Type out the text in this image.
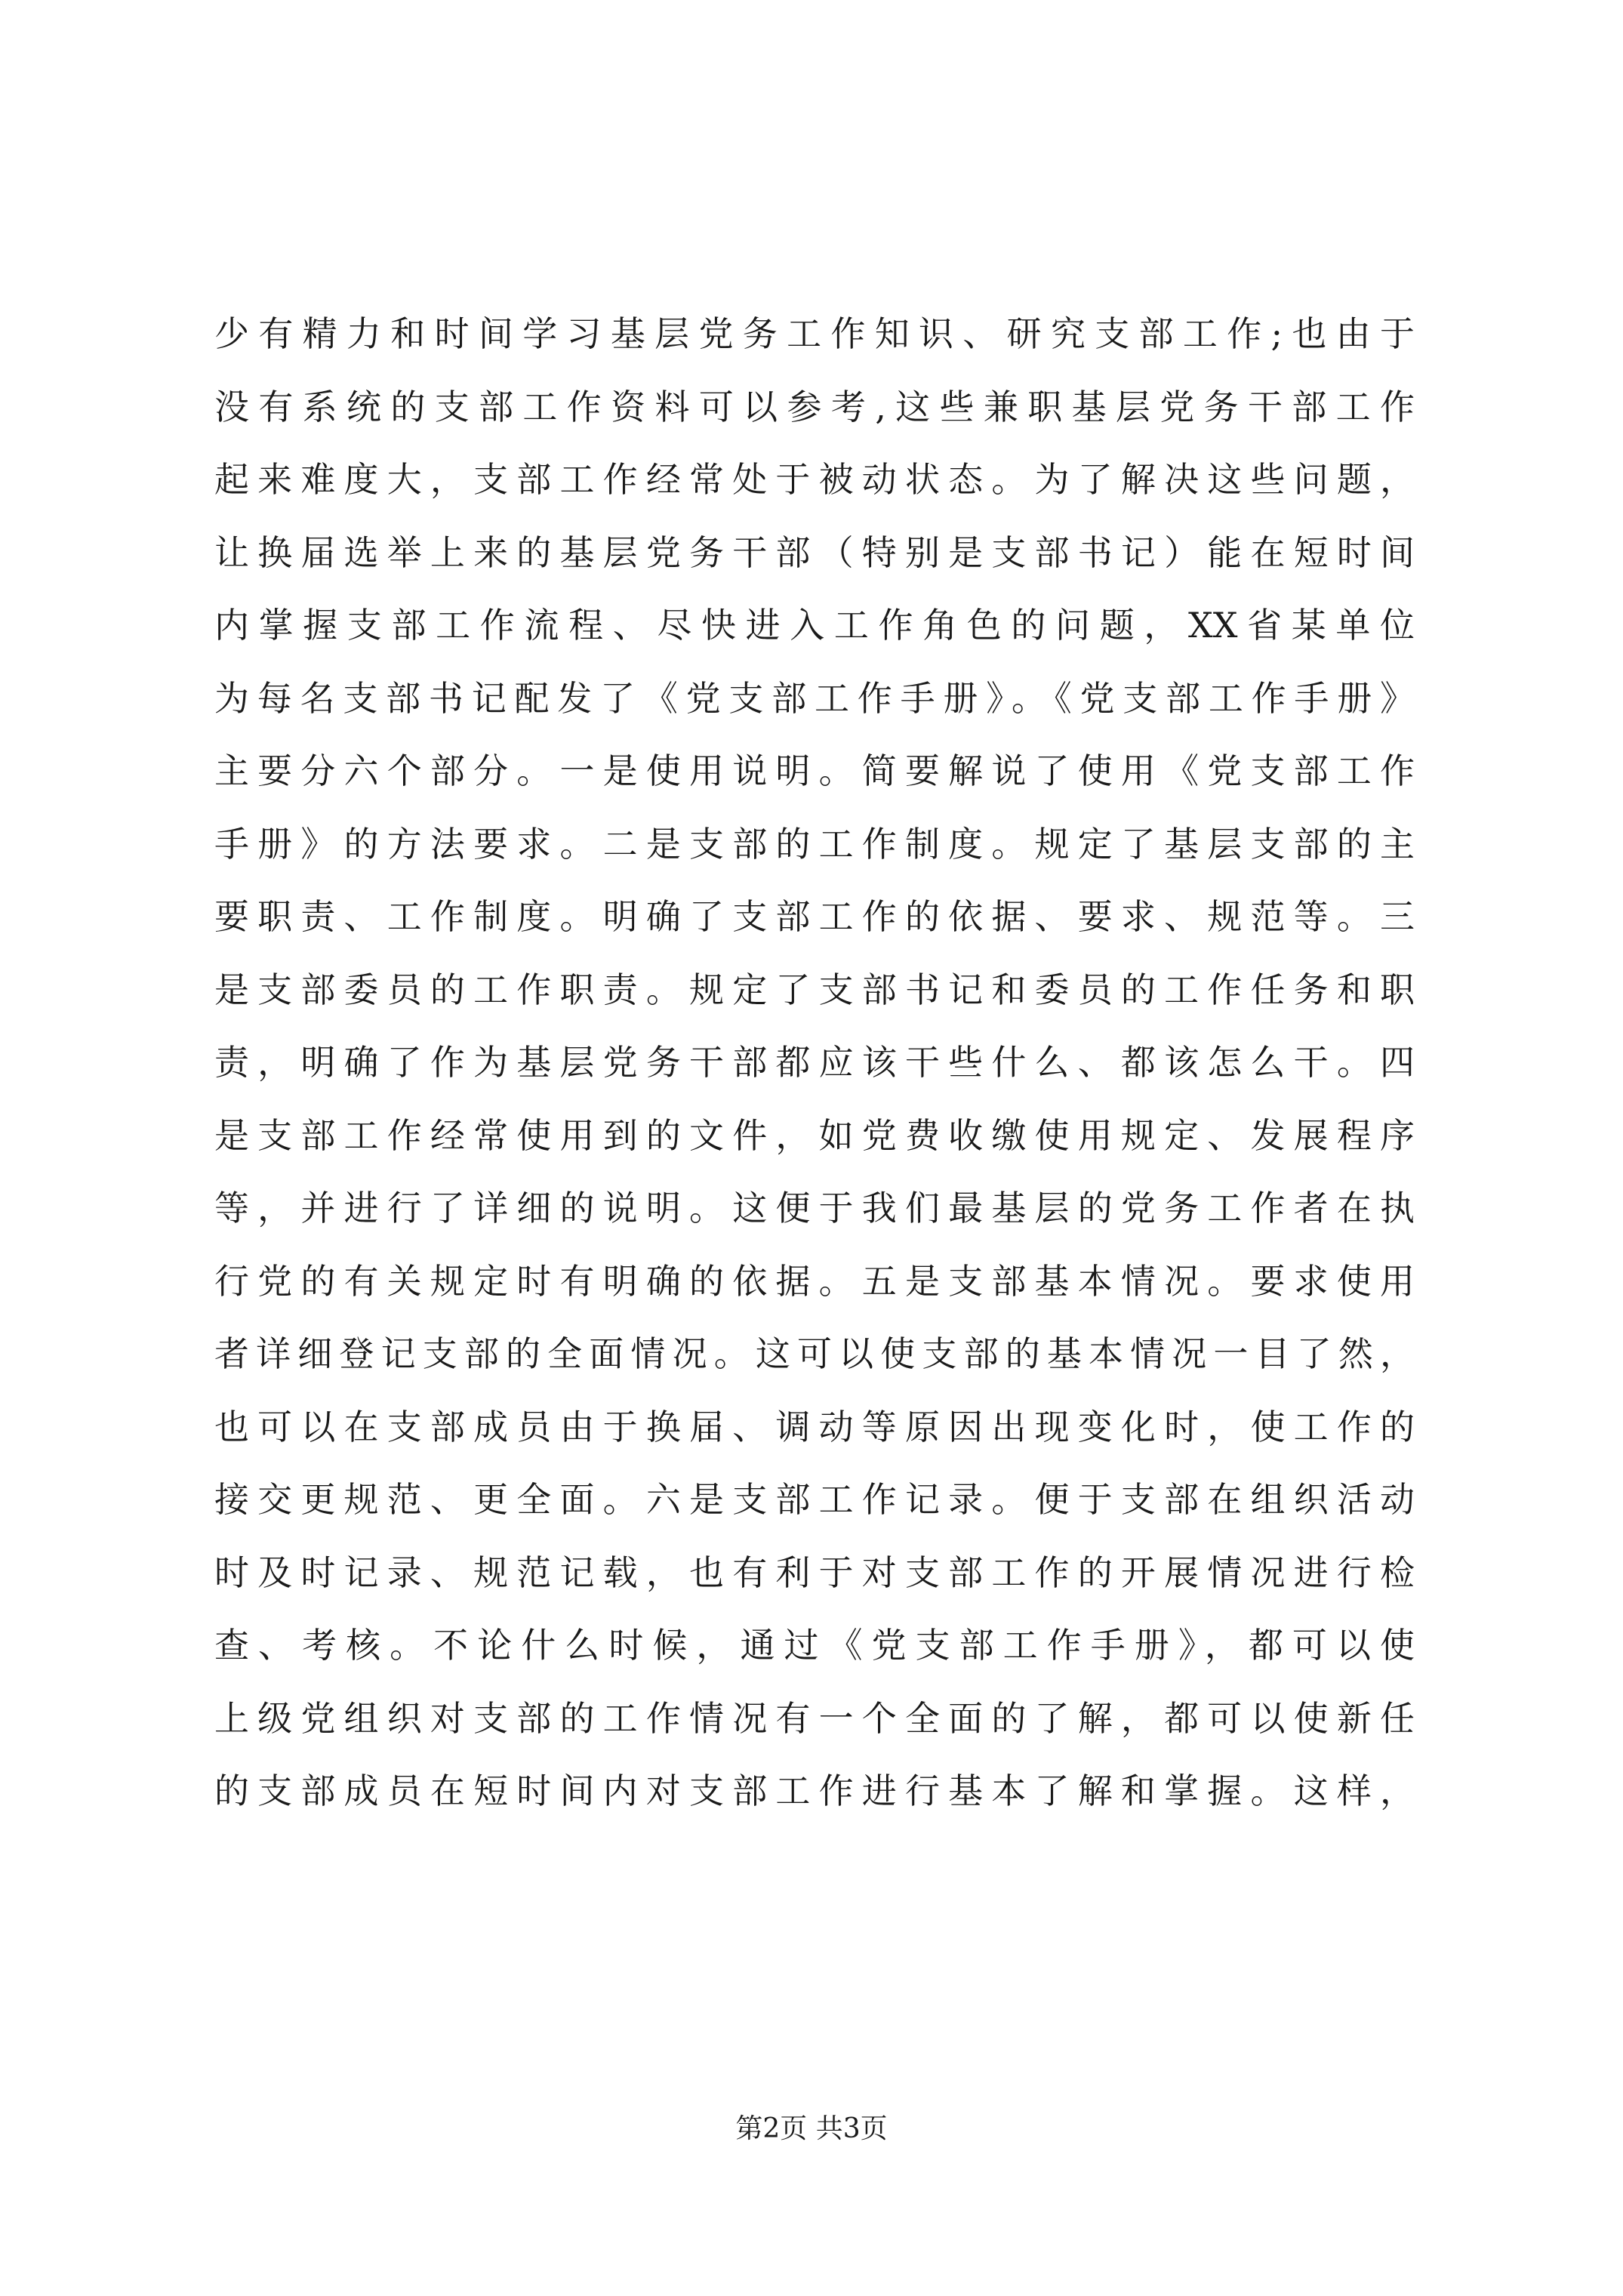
少有精力和时间学习基层党务工作知识、研究支部工作;也由于
没有系统的支部工作资料可以参考,这些兼职基层党务干部工作
起来难度大，支部工作经常处于被动状态。为了解决这些问题，
让换届选举上来的基层党务干部（特别是支部书记）能在短时间
内掌握支部工作流程、尽快进入工作角色的问题，XX省某单位
为每名支部书记配发了《党支部工作手册》。《党支部工作手册》
主要分六个部分。一是使用说明。简要解说了使用《党支部工作
手册》的方法要求。二是支部的工作制度。规定了基层支部的主
要职责、工作制度。明确了支部工作的依据、要求、规范等。三
是支部委员的工作职责。规定了支部书记和委员的工作任务和职
责，明确了作为基层党务干部都应该干些什么、都该怎么干。四
是支部工作经常使用到的文件，如党费收缴使用规定、发展程序
等，并进行了详细的说明。这便于我们最基层的党务工作者在执
行党的有关规定时有明确的依据。五是支部基本情况。要求使用
者详细登记支部的全面情况。这可以使支部的基本情况一目了然，
也可以在支部成员由于换届、调动等原因出现变化时，使工作的
接交更规范、更全面。六是支部工作记录。便于支部在组织活动
时及时记录、规范记载，也有利于对支部工作的开展情况进行检
查、考核。不论什么时候，通过《党支部工作手册》，都可以使
上级党组织对支部的工作情况有一个全面的了解，都可以使新任
的支部成员在短时间内对支部工作进行基本了解和掌握。这样，
第2页 共3页
